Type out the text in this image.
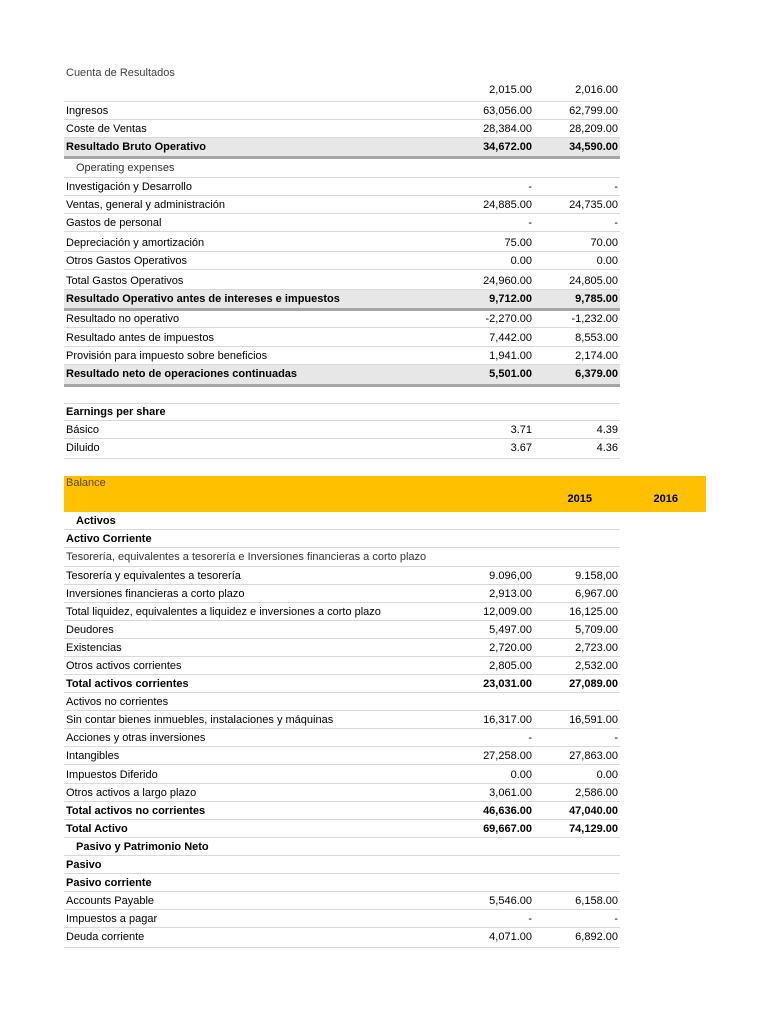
Cuenta de Resultados
2,015.00	2,016.00
Ingresos	63,056.00	62,799.00
Coste de Ventas	28,384.00	28,209.00
Resultado Bruto Operativo	34,672.00	34,590.00
Operating expenses
Investigación y Desarrollo	-	-
Ventas, general y administración	24,885.00	24,735.00
Gastos de personal	-	-
Depreciación y amortización	75.00	70.00
Otros Gastos Operativos	0.00	0.00
Total Gastos Operativos	24,960.00	24,805.00
Resultado Operativo antes de intereses e impuestos	9,712.00	9,785.00
Resultado no operativo	-2,270.00	-1,232.00
Resultado antes de impuestos	7,442.00	8,553.00
Provisión para impuesto sobre beneficios	1,941.00	2,174.00
Resultado neto de operaciones continuadas	5,501.00	6,379.00
Earnings per share
Básico	3.71	4.39
Diluido	3.67	4.36
Balance
2015	2016
Activos
Activo Corriente
Tesorería, equivalentes a tesorería e Inversiones financieras a corto plazo
Tesorería y equivalentes a tesorería	9.096,00	9.158,00
Inversiones financieras a corto plazo	2,913.00	6,967.00
Total liquidez, equivalentes a liquidez e inversiones a corto plazo	12,009.00	16,125.00
Deudores	5,497.00	5,709.00
Existencias	2,720.00	2,723.00
Otros activos corrientes	2,805.00	2,532.00
Total activos corrientes	23,031.00	27,089.00
Activos no corrientes
Sin contar bienes inmuebles, instalaciones y máquinas	16,317.00	16,591.00
Acciones y otras inversiones	-	-
Intangibles	27,258.00	27,863.00
Impuestos Diferido	0.00	0.00
Otros activos a largo plazo	3,061.00	2,586.00
Total activos no corrientes	46,636.00	47,040.00
Total Activo	69,667.00	74,129.00
Pasivo y Patrimonio Neto
Pasivo
Pasivo corriente
Accounts Payable	5,546.00	6,158.00
Impuestos a pagar	-	-
Deuda corriente	4,071.00	6,892.00
